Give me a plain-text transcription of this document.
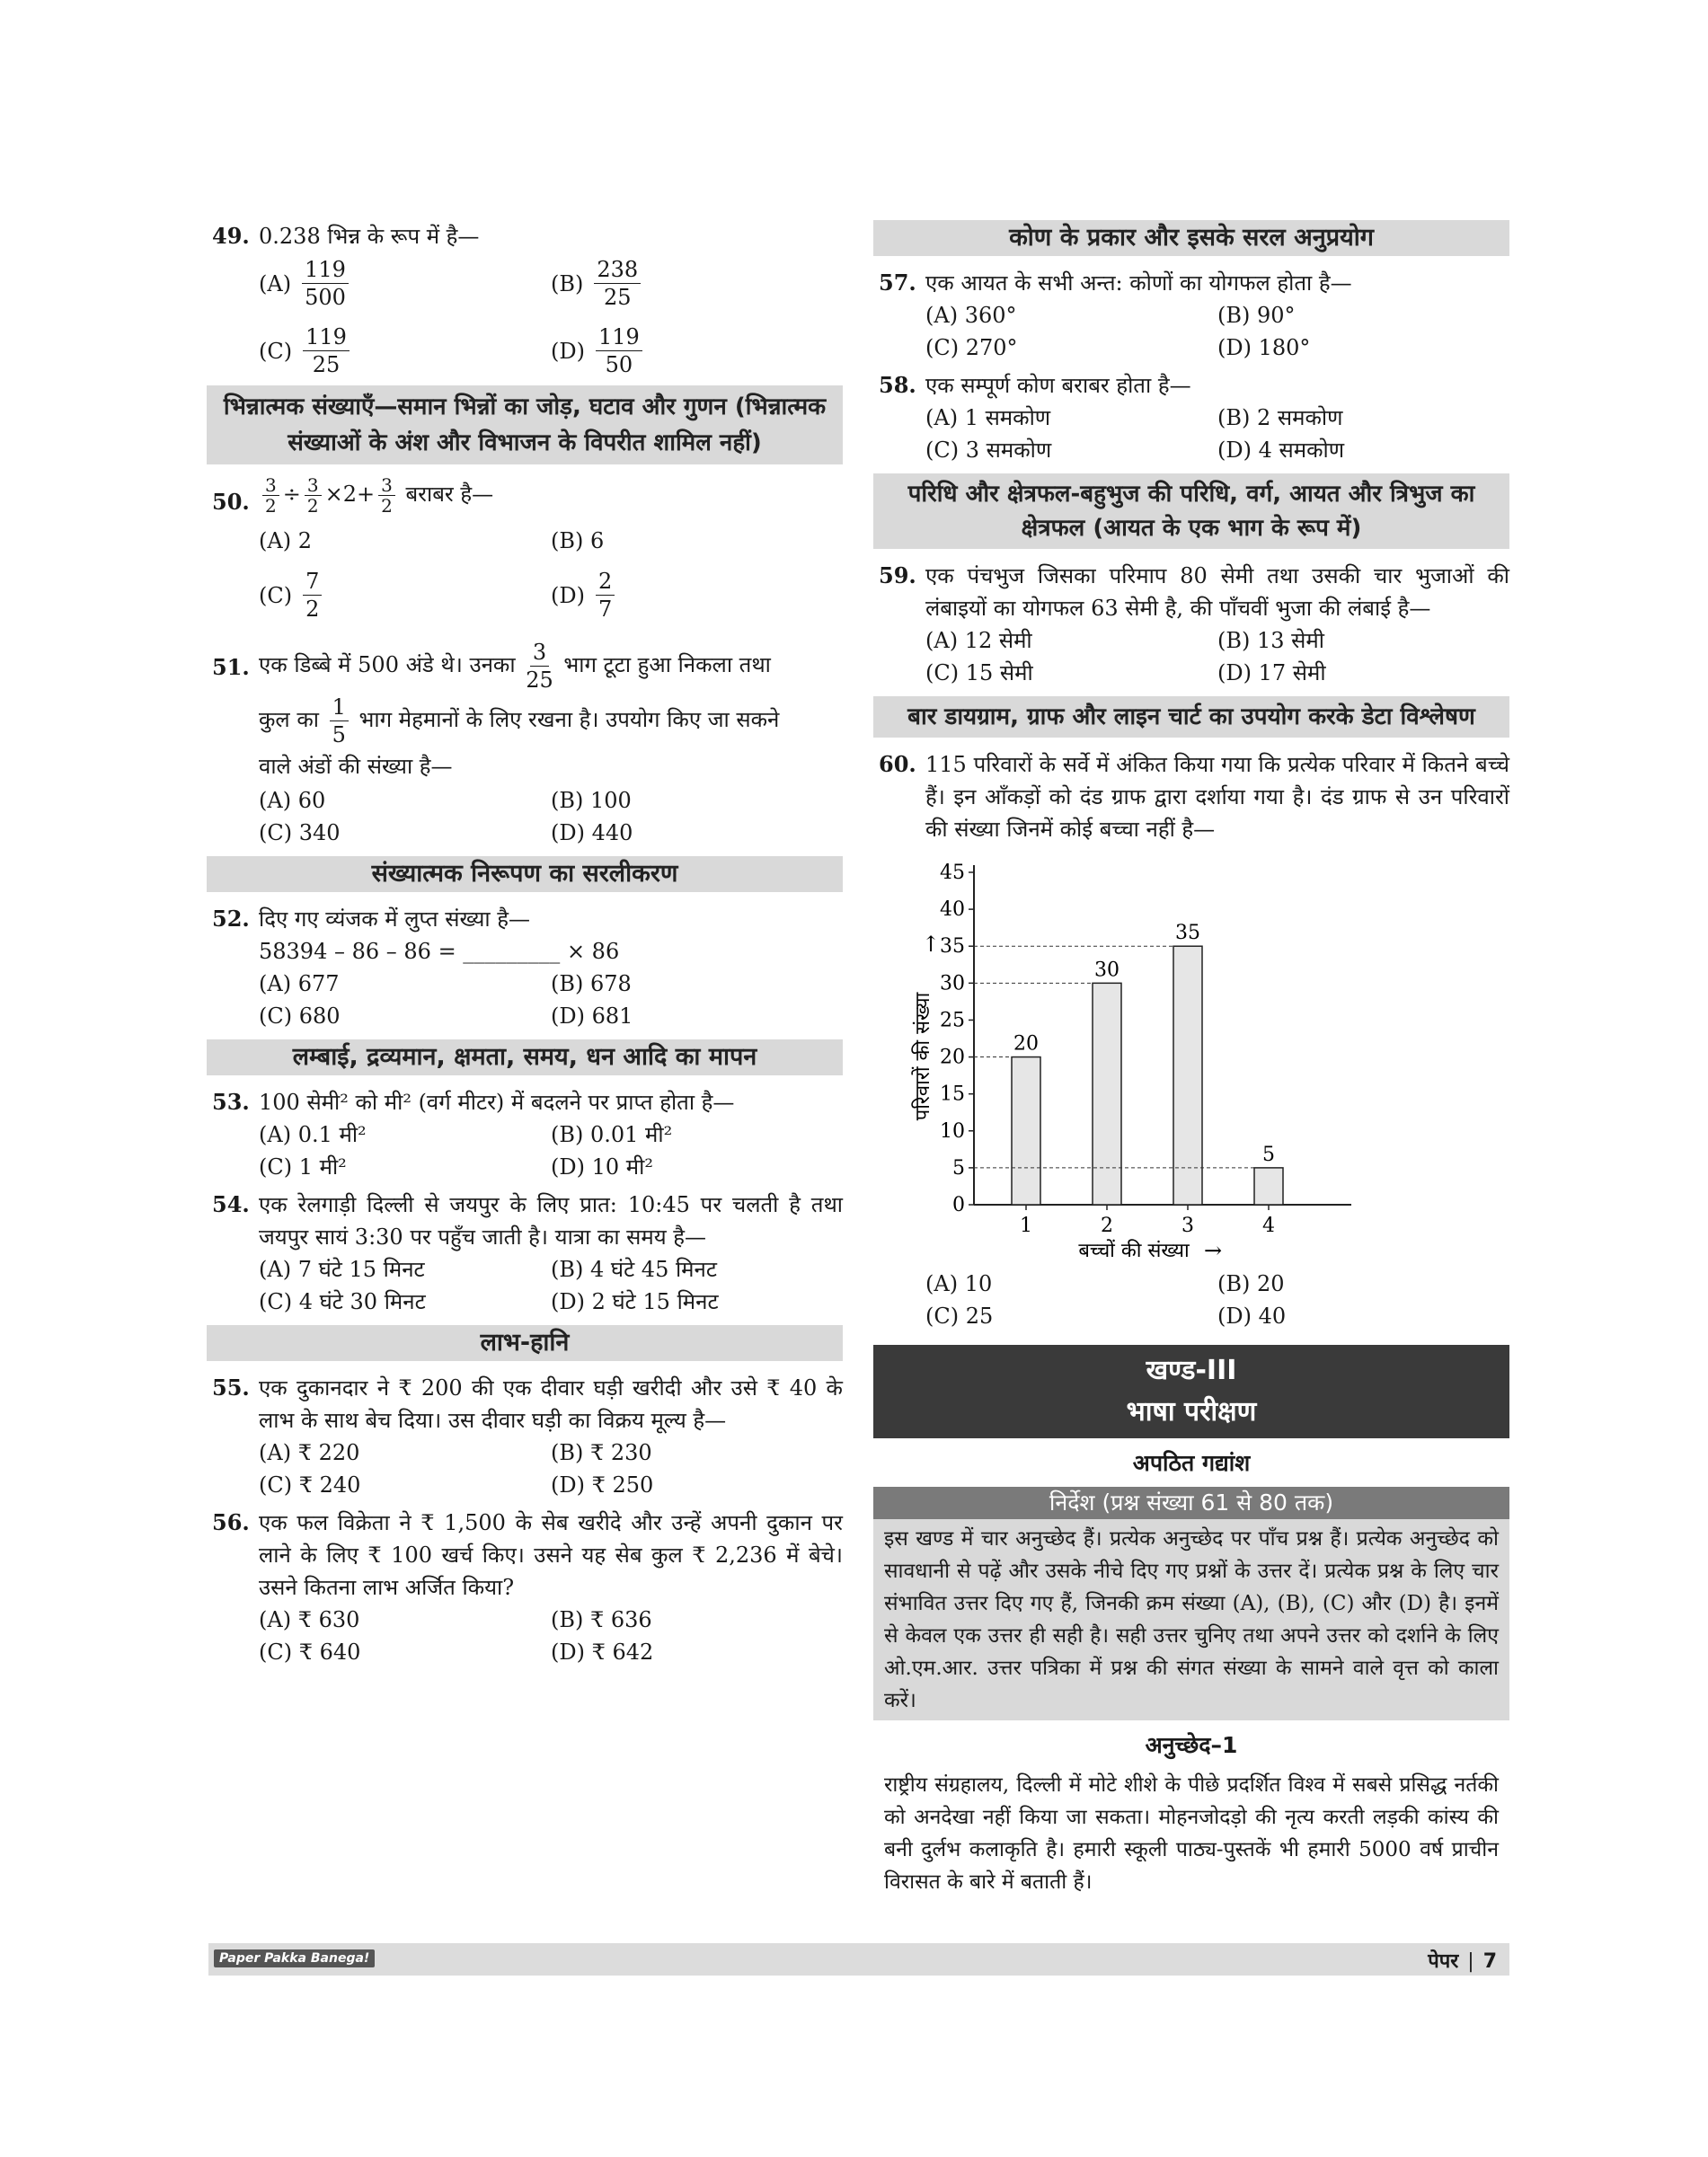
49. 0.238 भिन्न के रूप में है—
$(A) \frac{119}{500}$	$(B) \frac{238}{25}$
$(C) \frac{119}{25}$	$(D) \frac{119}{50}$
भिन्नात्मक संख्याएँ—समान भिन्नों का जोड़, घटाव और गुणन (भिन्नात्मक संख्याओं के अंश और विभाजन के विपरीत शामिल नहीं)
50. $\frac{3}{2} \div \frac{3}{2} \times 2+ \frac{3}{2}$ बराबर है—
(A) 2	(B) 6
$(C) \frac{7}{2}$	$(D) \frac{2}{7}$
51. एक डिब्बे में 500 अंडे थे। उनका $\frac{3}{25}$ भाग टूटा हुआ निकला तथा
कुल का $\frac{1}{5}$ भाग मेहमानों के लिए रखना है। उपयोग किए जा सकने
वाले अंडों की संख्या है—
(A) 60	(B) 100
(C) 340	(D) 440
संख्यात्मक निरूपण का सरलीकरण
52. दिए गए व्यंजक में लुप्त संख्या है—
58394 – 86 – 86 = _________ × 86
(A) 677	(B) 678
(C) 680	(D) 681
लम्बाई, द्रव्यमान, क्षमता, समय, धन आदि का मापन
53. 100 सेमी² को मी² (वर्ग मीटर) में बदलने पर प्राप्त होता है—
(A) 0.1 मी²	(B) 0.01 मी²
(C) 1 मी²	(D) 10 मी²
54. एक रेलगाड़ी दिल्ली से जयपुर के लिए प्रात: 10:45 पर चलती है तथा जयपुर सायं 3:30 पर पहुँच जाती है। यात्रा का समय है—
(A) 7 घंटे 15 मिनट	(B) 4 घंटे 45 मिनट
(C) 4 घंटे 30 मिनट	(D) 2 घंटे 15 मिनट
लाभ-हानि
55. एक दुकानदार ने ₹ 200 की एक दीवार घड़ी खरीदी और उसे ₹ 40 के लाभ के साथ बेच दिया। उस दीवार घड़ी का विक्रय मूल्य है—
(A) ₹ 220	(B) ₹ 230
(C) ₹ 240	(D) ₹ 250
56. एक फल विक्रेता ने ₹ 1,500 के सेब खरीदे और उन्हें अपनी दुकान पर लाने के लिए ₹ 100 खर्च किए। उसने यह सेब कुल ₹ 2,236 में बेचे। उसने कितना लाभ अर्जित किया?
(A) ₹ 630	(B) ₹ 636
(C) ₹ 640	(D) ₹ 642
कोण के प्रकार और इसके सरल अनुप्रयोग
57. एक आयत के सभी अन्त: कोणों का योगफल होता है—
(A) 360°	(B) 90°
(C) 270°	(D) 180°
58. एक सम्पूर्ण कोण बराबर होता है—
(A) 1 समकोण	(B) 2 समकोण
(C) 3 समकोण	(D) 4 समकोण
परिधि और क्षेत्रफल-बहुभुज की परिधि, वर्ग, आयत और त्रिभुज का क्षेत्रफल (आयत के एक भाग के रूप में)
59. एक पंचभुज जिसका परिमाप 80 सेमी तथा उसकी चार भुजाओं की लंबाइयों का योगफल 63 सेमी है, की पाँचवीं भुजा की लंबाई है—
(A) 12 सेमी	(B) 13 सेमी
(C) 15 सेमी	(D) 17 सेमी
बार डायग्राम, ग्राफ और लाइन चार्ट का उपयोग करके डेटा विश्लेषण
60. 115 परिवारों के सर्वे में अंकित किया गया कि प्रत्येक परिवार में कितने बच्चे हैं। इन आँकड़ों को दंड ग्राफ द्वारा दर्शाया गया है। दंड ग्राफ से उन परिवारों की संख्या जिनमें कोई बच्चा नहीं है—
0
5
10
15
20
25
30
35
40
45
20
1
30
2
35
3
5
4
परिवारों की संख्या
↑
बच्चों की संख्या →
(A) 10	(B) 20
(C) 25	(D) 40
खण्ड-III
भाषा परीक्षण
अपठित गद्यांश
निर्देश (प्रश्न संख्या 61 से 80 तक)
इस खण्ड में चार अनुच्छेद हैं। प्रत्येक अनुच्छेद पर पाँच प्रश्न हैं। प्रत्येक अनुच्छेद को सावधानी से पढ़ें और उसके नीचे दिए गए प्रश्नों के उत्तर दें। प्रत्येक प्रश्न के लिए चार संभावित उत्तर दिए गए हैं, जिनकी क्रम संख्या (A), (B), (C) और (D) है। इनमें से केवल एक उत्तर ही सही है। सही उत्तर चुनिए तथा अपने उत्तर को दर्शाने के लिए ओ.एम.आर. उत्तर पत्रिका में प्रश्न की संगत संख्या के सामने वाले वृत्त को काला करें।
अनुच्छेद–1
राष्ट्रीय संग्रहालय, दिल्ली में मोटे शीशे के पीछे प्रदर्शित विश्व में सबसे प्रसिद्ध नर्तकी को अनदेखा नहीं किया जा सकता। मोहनजोदड़ो की नृत्य करती लड़की कांस्य की बनी दुर्लभ कलाकृति है। हमारी स्कूली पाठ्य-पुस्तकें भी हमारी 5000 वर्ष प्राचीन विरासत के बारे में बताती हैं।
Paper Pakka Banega!	पेपर | 7
